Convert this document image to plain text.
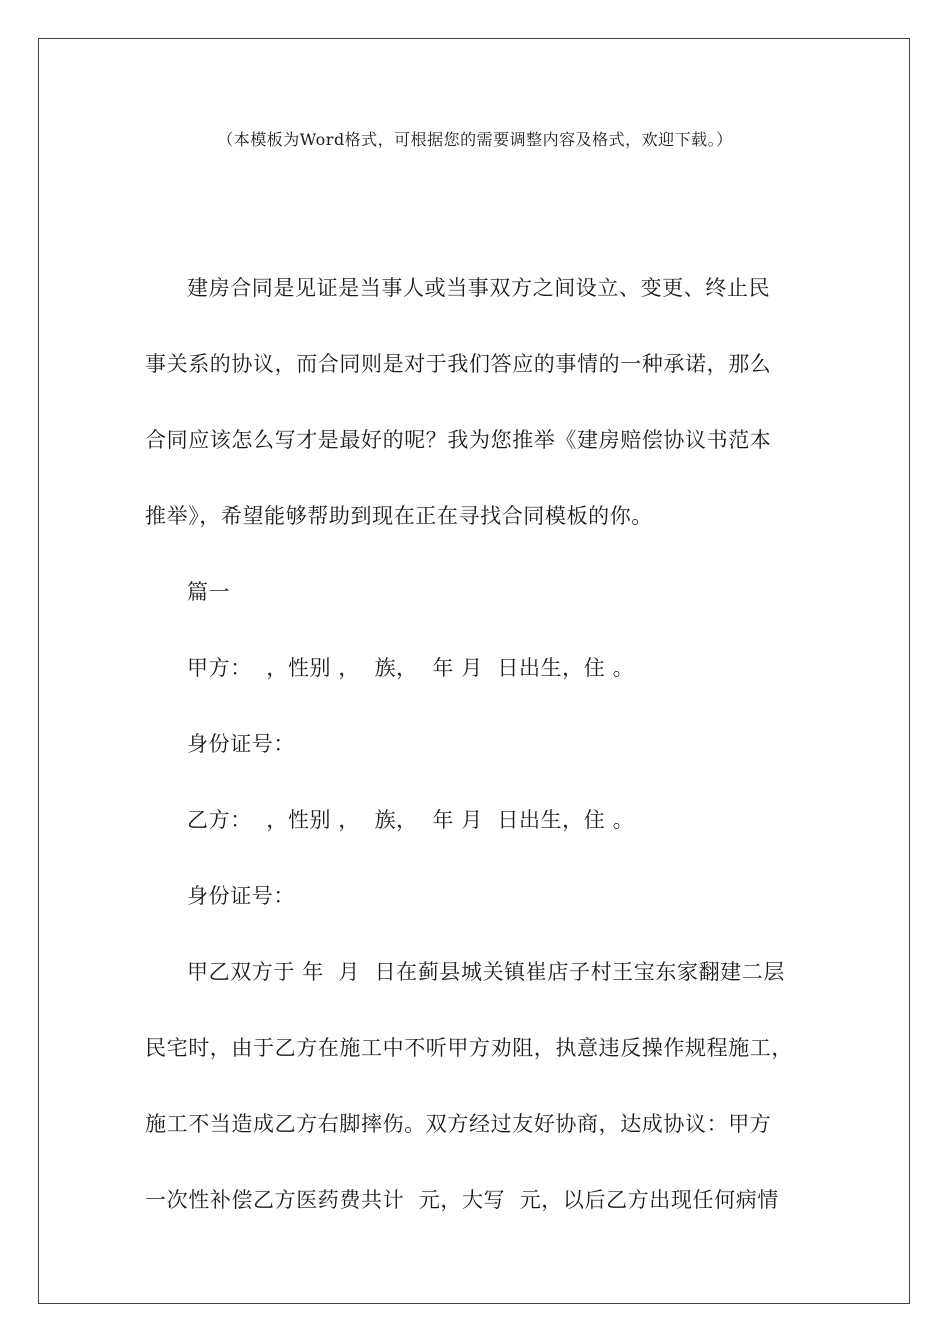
（本模板为Word格式，可根据您的需要调整内容及格式，欢迎下载。）
建房合同是见证是当事人或当事双方之间设立、变更、终止民
事关系的协议，而合同则是对于我们答应的事情的一种承诺，那么
合同应该怎么写才是最好的呢？我为您推举《建房赔偿协议书范本
推举》，希望能够帮助到现在正在寻找合同模板的你。
篇一
甲方：  ，性别 ，  族，  年 月  日出生，住 。
身份证号：
乙方：  ，性别 ，  族，  年 月  日出生，住 。
身份证号：
甲乙双方于 年  月  日在蓟县城关镇崔店子村王宝东家翻建二层
民宅时，由于乙方在施工中不听甲方劝阻，执意违反操作规程施工，
施工不当造成乙方右脚摔伤。双方经过友好协商，达成协议：甲方
一次性补偿乙方医药费共计  元，大写  元，以后乙方出现任何病情
